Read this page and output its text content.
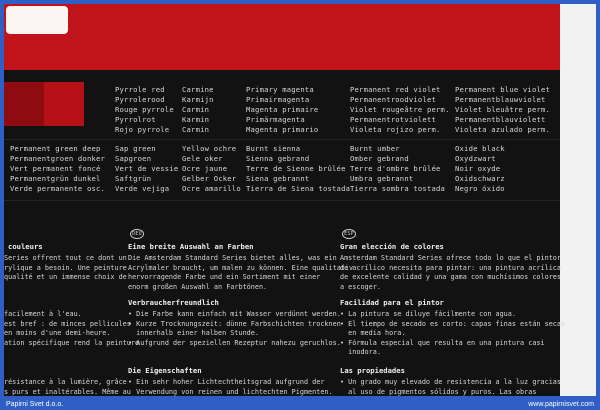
Pyrrole red
Pyrrolerood
Rouge pyrrole
Pyrrolrot
Rojo pyrrole
Carmine
Karmijn
Carmin
Karmin
Carmin
Primary magenta
Primairmagenta
Magenta primaire
Primärmagenta
Magenta primario
Permanent red violet
Permanentroodviolet
Violet rougeâtre perm.
Permanentrotviolett
Violeta rojizo perm.
Permanent blue violet
Permanentblauwviolet
Violet bleuâtre perm.
Permanentblauviolett
Violeta azulado perm.
Permanent green deep
Permanentgroen donker
Vert permanent foncé
Permanentgrün dunkel
Verde permanente osc.
Sap green
Sapgroen
Vert de vessie
Saftgrün
Verde vejiga
Yellow ochre
Gele oker
Ocre jaune
Gelber Ocker
Ocre amarillo
Burnt sienna
Sienna gebrand
Terre de Sienne brûlée
Siena gebrannt
Tierra de Siena tostada
Burnt umber
Omber gebrand
Terre d'ombre brûlée
Umbra gebrannt
Tierra sombra tostada
Oxide black
Oxydzwart
Noir oxyde
Oxidschwarz
Negro óxido
couleurs
Series offrent tout ce dont un
rylique a besoin. Une peinture
qualité et un immense choix de
facilement à l'eau.
est bref : de minces pellicules
en moins d'une demi-heure.
ation spécifique rend la peinture
résistance à la lumière, grâce
s purs et inaltérables. Même au
DEU
Eine breite Auswahl an Farben
Die Amsterdam Standard Series bietet alles, was ein
Acrylmaler braucht, um malen zu können. Eine qualitativ
hervorragende Farbe und ein Sortiment mit einer
enorm großen Auswahl an Farbtönen.
Verbraucherfreundlich
• Die Farbe kann einfach mit Wasser verdünnt werden.
• Kurze Trocknungszeit: dünne Farbschichten trocknen
innerhalb einer halben Stunde.
• Aufgrund der speziellen Rezeptur nahezu geruchlos.
Die Eigenschaften
• Ein sehr hoher Lichtechtheitsgrad aufgrund der
Verwendung von reinen und lichtechten Pigmenten.
ESP
Gran elección de colores
Amsterdam Standard Series ofrece todo lo que el pintor
de acrílico necesita para pintar: una pintura acrílica
de excelente calidad y una gama con muchísimos colores
a escoger.
Facilidad para el pintor
• La pintura se diluye fácilmente con agua.
• El tiempo de secado es corto: capas finas están secas
en media hora.
• Fórmula especial que resulta en una pintura casi
inodora.
Las propiedades
• Un grado muy elevado de resistencia a la luz gracias
al uso de pigmentos sólidos y puros. Las obras
Papirni Svet d.o.o.	www.papirnisvet.com
